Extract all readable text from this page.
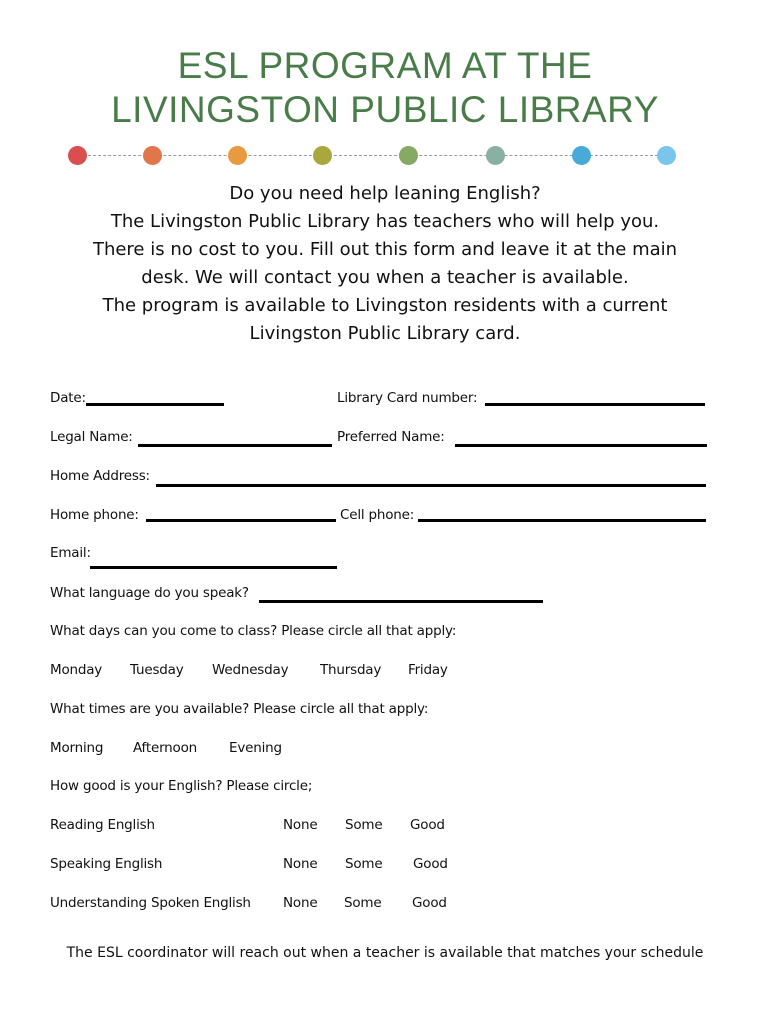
ESL PROGRAM AT THE
LIVINGSTON PUBLIC LIBRARY
Do you need help leaning English?
The Livingston Public Library has teachers who will help you.
There is no cost to you. Fill out this form and leave it at the main
desk. We will contact you when a teacher is available.
The program is available to Livingston residents with a current
Livingston Public Library card.
Date:	Library Card number:
Legal Name:	Preferred Name:
Home Address:
Home phone:	Cell phone:
Email:
What language do you speak?
What days can you come to class? Please circle all that apply:
Monday Tuesday Wednesday Thursday Friday
What times are you available? Please circle all that apply:
Morning Afternoon Evening
How good is your English? Please circle;
Reading English	None Some Good
Speaking English	None Some Good
Understanding Spoken English None Some Good
The ESL coordinator will reach out when a teacher is available that matches your schedule
